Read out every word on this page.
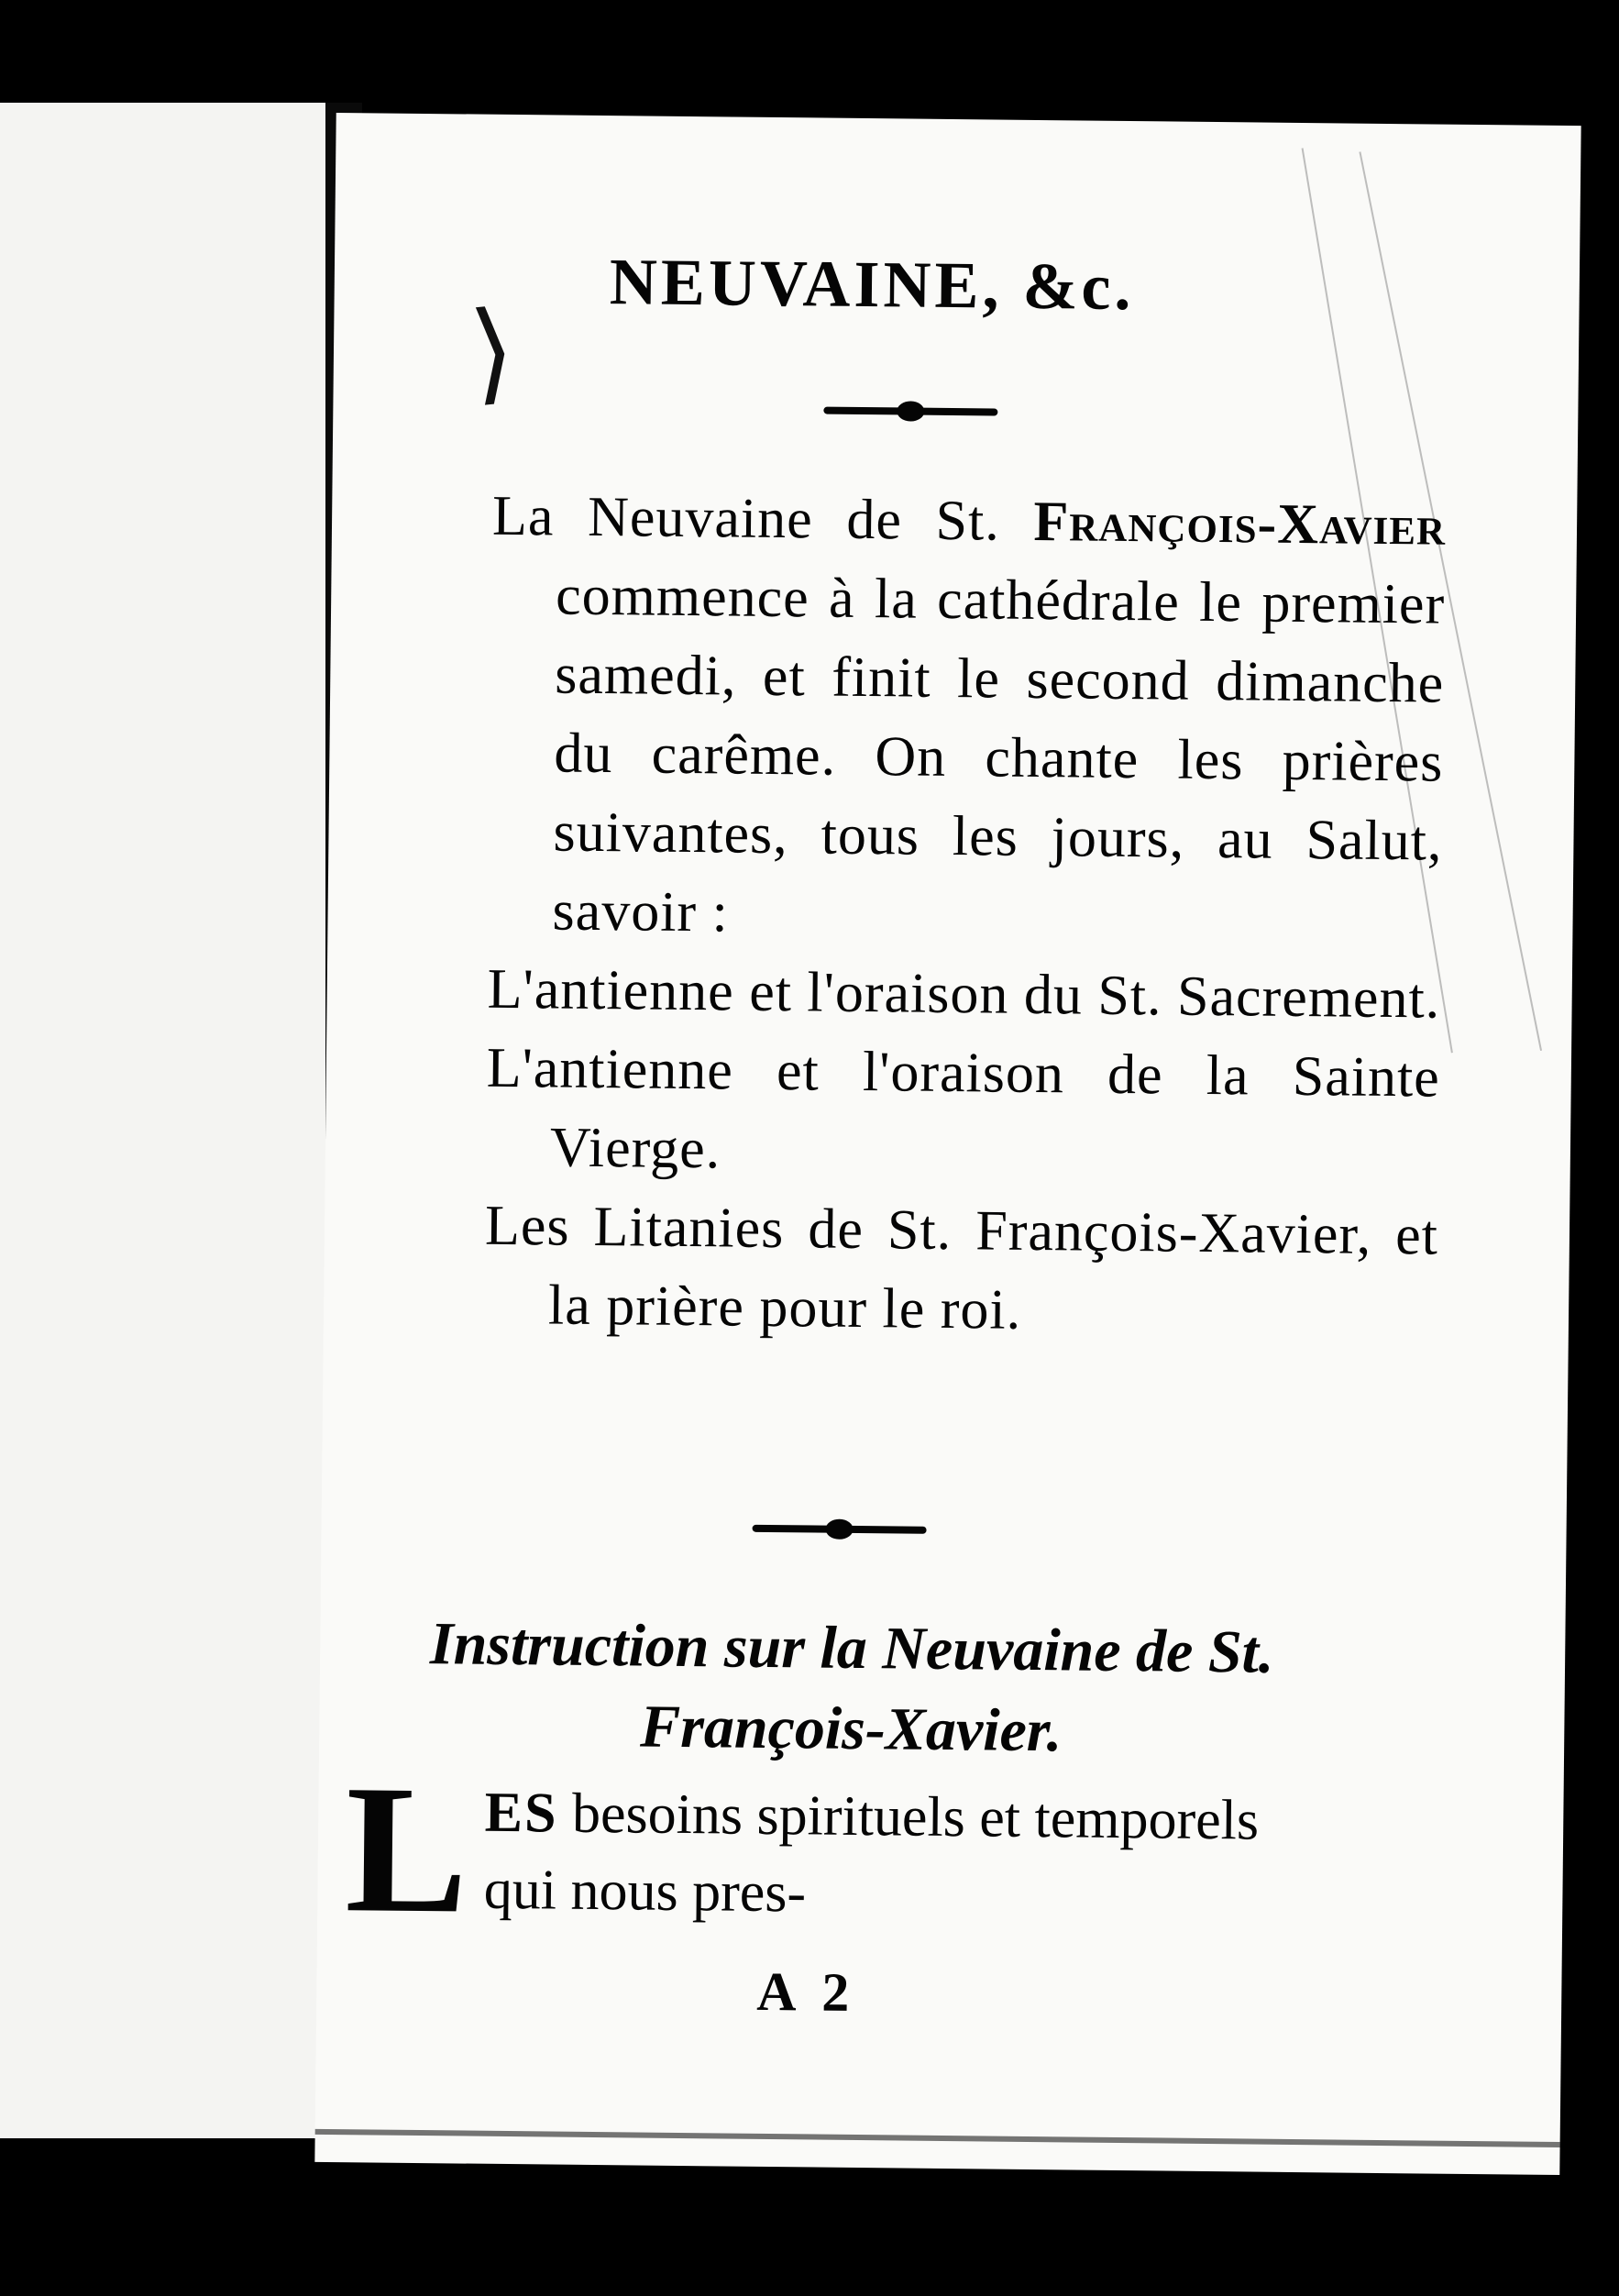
⟩
NEUVAINE, &c.

La Neuvaine de St. François-Xavier commence à la cathédrale le premier samedi, et finit le second dimanche du carême. On chante les prières suivantes, tous les jours, au Salut, savoir :

L'antienne et l'oraison du St. Sacrement.

L'antienne et l'oraison de la Sainte Vierge.

Les Litanies de St. François-Xavier, et la prière pour le roi.

Instruction sur la Neuvaine de St. François-Xavier.
LES besoins spirituels et temporels qui nous pres-
A 2
